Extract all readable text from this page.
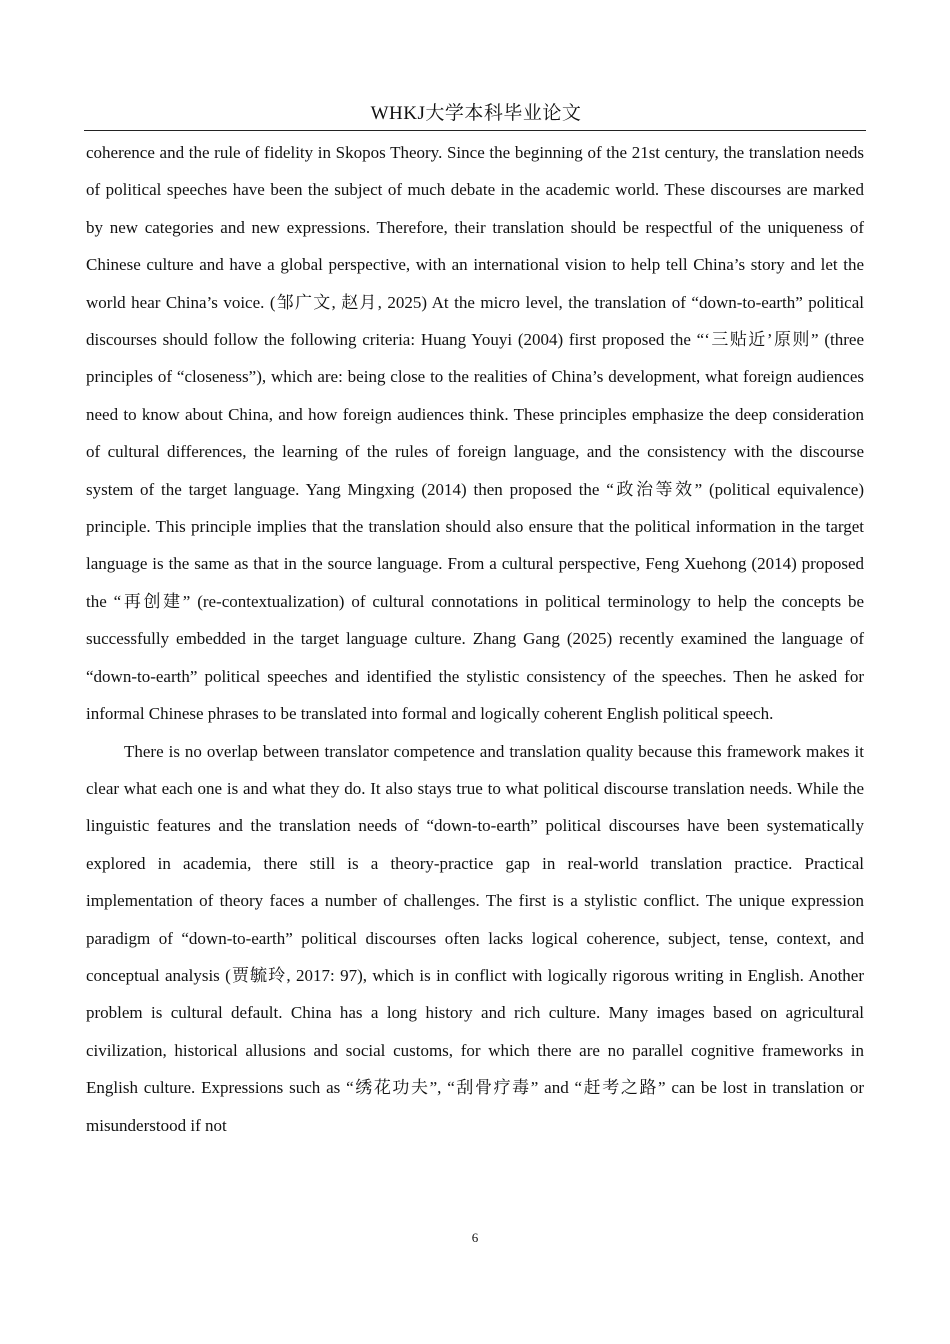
WHKJ大学本科毕业论文

coherence and the rule of fidelity in Skopos Theory. Since the beginning of the 21st century, the translation needs of political speeches have been the subject of much debate in the academic world. These discourses are marked by new categories and new expressions. Therefore, their translation should be respectful of the uniqueness of Chinese culture and have a global perspective, with an international vision to help tell China’s story and let the world hear China’s voice. (邹广文, 赵月, 2025) At the micro level, the translation of “down-to-earth” political discourses should follow the following criteria: Huang Youyi (2004) first proposed the “‘三贴近’原则” (three principles of “closeness”), which are: being close to the realities of China’s development, what foreign audiences need to know about China, and how foreign audiences think. These principles emphasize the deep consideration of cultural differences, the learning of the rules of foreign language, and the consistency with the discourse system of the target language. Yang Mingxing (2014) then proposed the “政治等效” (political equivalence) principle. This principle implies that the translation should also ensure that the political information in the target language is the same as that in the source language. From a cultural perspective, Feng Xuehong (2014) proposed the “再创建” (re-contextualization) of cultural connotations in political terminology to help the concepts be successfully embedded in the target language culture. Zhang Gang (2025) recently examined the language of “down-to-earth” political speeches and identified the stylistic consistency of the speeches. Then he asked for informal Chinese phrases to be translated into formal and logically coherent English political speech.

There is no overlap between translator competence and translation quality because this framework makes it clear what each one is and what they do. It also stays true to what political discourse translation needs. While the linguistic features and the translation needs of “down-to-earth” political discourses have been systematically explored in academia, there still is a theory-practice gap in real-world translation practice. Practical implementation of theory faces a number of challenges. The first is a stylistic conflict. The unique expression paradigm of “down-to-earth” political discourses often lacks logical coherence, subject, tense, context, and conceptual analysis (贾毓玲, 2017: 97), which is in conflict with logically rigorous writing in English. Another problem is cultural default. China has a long history and rich culture. Many images based on agricultural civilization, historical allusions and social customs, for which there are no parallel cognitive frameworks in English culture. Expressions such as “绣花功夫”, “刮骨疗毒” and “赶考之路” can be lost in translation or misunderstood if not

6
